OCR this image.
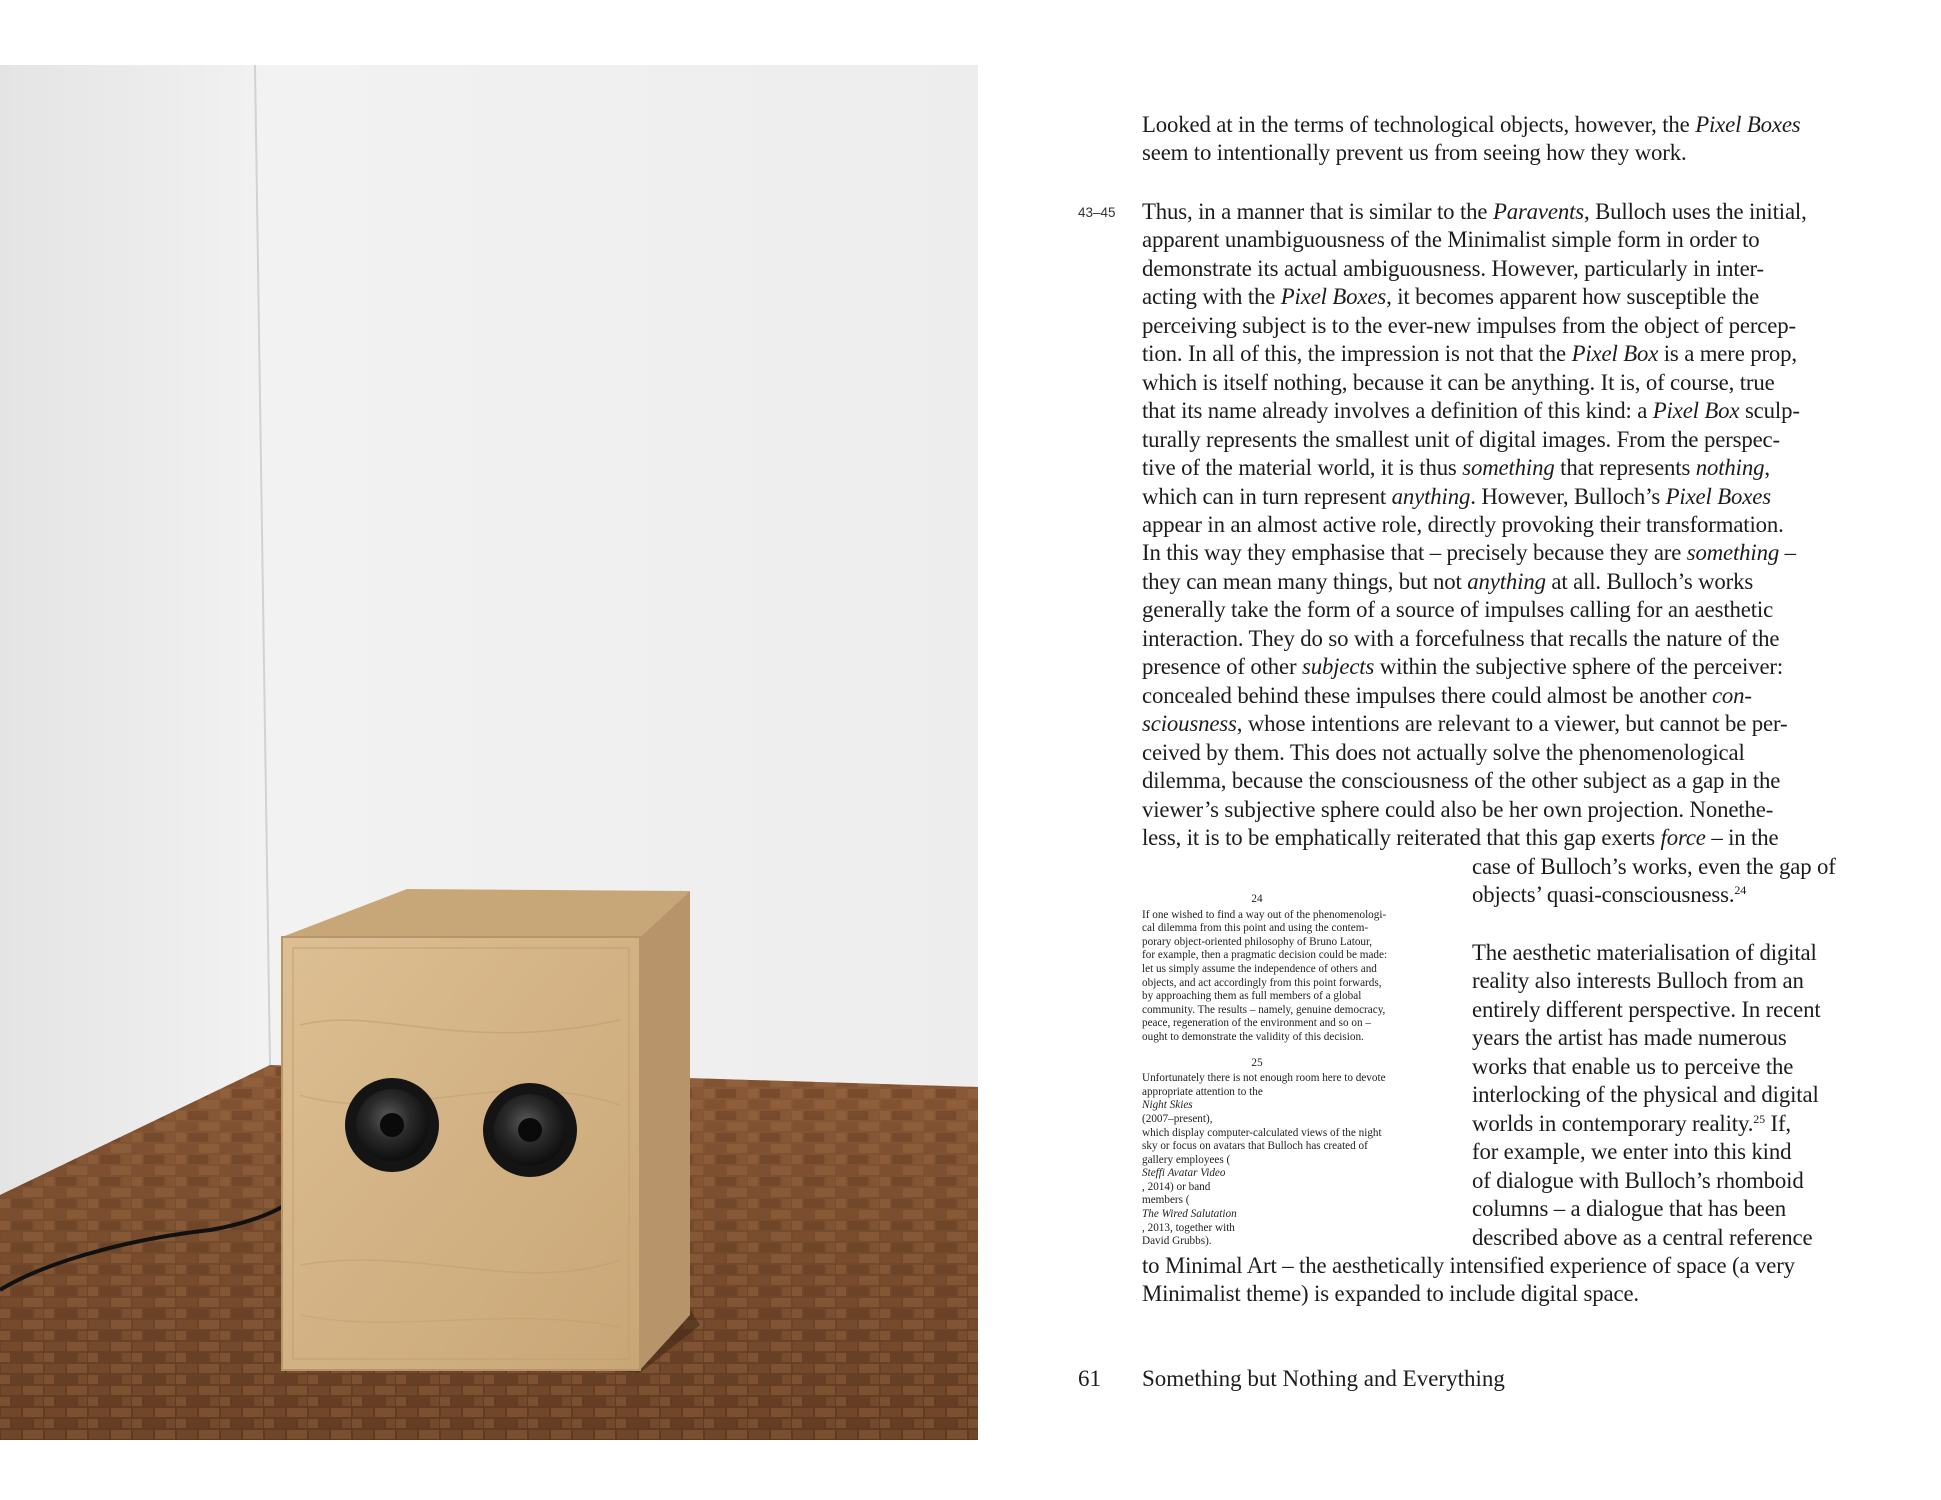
Looked at in the terms of technological objects, however, the Pixel Boxes

seem to intentionally prevent us from seeing how they work.

43–45 Thus, in a manner that is similar to the Paravents, Bulloch uses the initial,

apparent unambiguousness of the Minimalist simple form in order to

demonstrate its actual ambiguousness. However, particularly in inter-

acting with the Pixel Boxes, it becomes apparent how susceptible the

perceiving subject is to the ever-new impulses from the object of percep-

tion. In all of this, the impression is not that the Pixel Box is a mere prop,

which is itself nothing, because it can be anything. It is, of course, true

that its name already involves a definition of this kind: a Pixel Box sculp-

turally represents the smallest unit of digital images. From the perspec-

tive of the material world, it is thus something that represents nothing,

which can in turn represent anything. However, Bulloch’s Pixel Boxes

appear in an almost active role, directly provoking their transformation.

In this way they emphasise that – precisely because they are something –

they can mean many things, but not anything at all. Bulloch’s works

generally take the form of a source of impulses calling for an aesthetic

interaction. They do so with a forcefulness that recalls the nature of the

presence of other subjects within the subjective sphere of the perceiver:

concealed behind these impulses there could almost be another con-

sciousness, whose intentions are relevant to a viewer, but cannot be per-

ceived by them. This does not actually solve the phenomenological

dilemma, because the consciousness of the other subject as a gap in the

viewer’s subjective sphere could also be her own projection. Nonethe-

less, it is to be emphatically reiterated that this gap exerts force – in the

case of Bulloch’s works, even the gap of

objects’ quasi-consciousness.$^{24}$

The aesthetic materialisation of digital

reality also interests Bulloch from an

entirely different perspective. In recent

years the artist has made numerous

works that enable us to perceive the

interlocking of the physical and digital

worlds in contemporary reality.$^{25}$ If,

for example, we enter into this kind

of dialogue with Bulloch’s rhomboid

columns – a dialogue that has been

described above as a central reference

to Minimal Art – the aesthetically intensified experience of space (a very

Minimalist theme) is expanded to include digital space.

24

If one wished to find a way out of the phenomenologi-
cal dilemma from this point and using the contem-
porary object-oriented philosophy of Bruno Latour,
for example, then a pragmatic decision could be made:
let us simply assume the independence of others and
objects, and act accordingly from this point forwards,
by approaching them as full members of a global
community. The results – namely, genuine democracy,
peace, regeneration of the environment and so on –
ought to demonstrate the validity of this decision.

25

Unfortunately there is not enough room here to devote
appropriate attention to the
Night Skies
(2007–present),
which display computer-calculated views of the night
sky or focus on avatars that Bulloch has created of
gallery employees (
Steffi Avatar Video
, 2014) or band
members (
The Wired Salutation
, 2013, together with
David Grubbs).

61 Something but Nothing and Everything
